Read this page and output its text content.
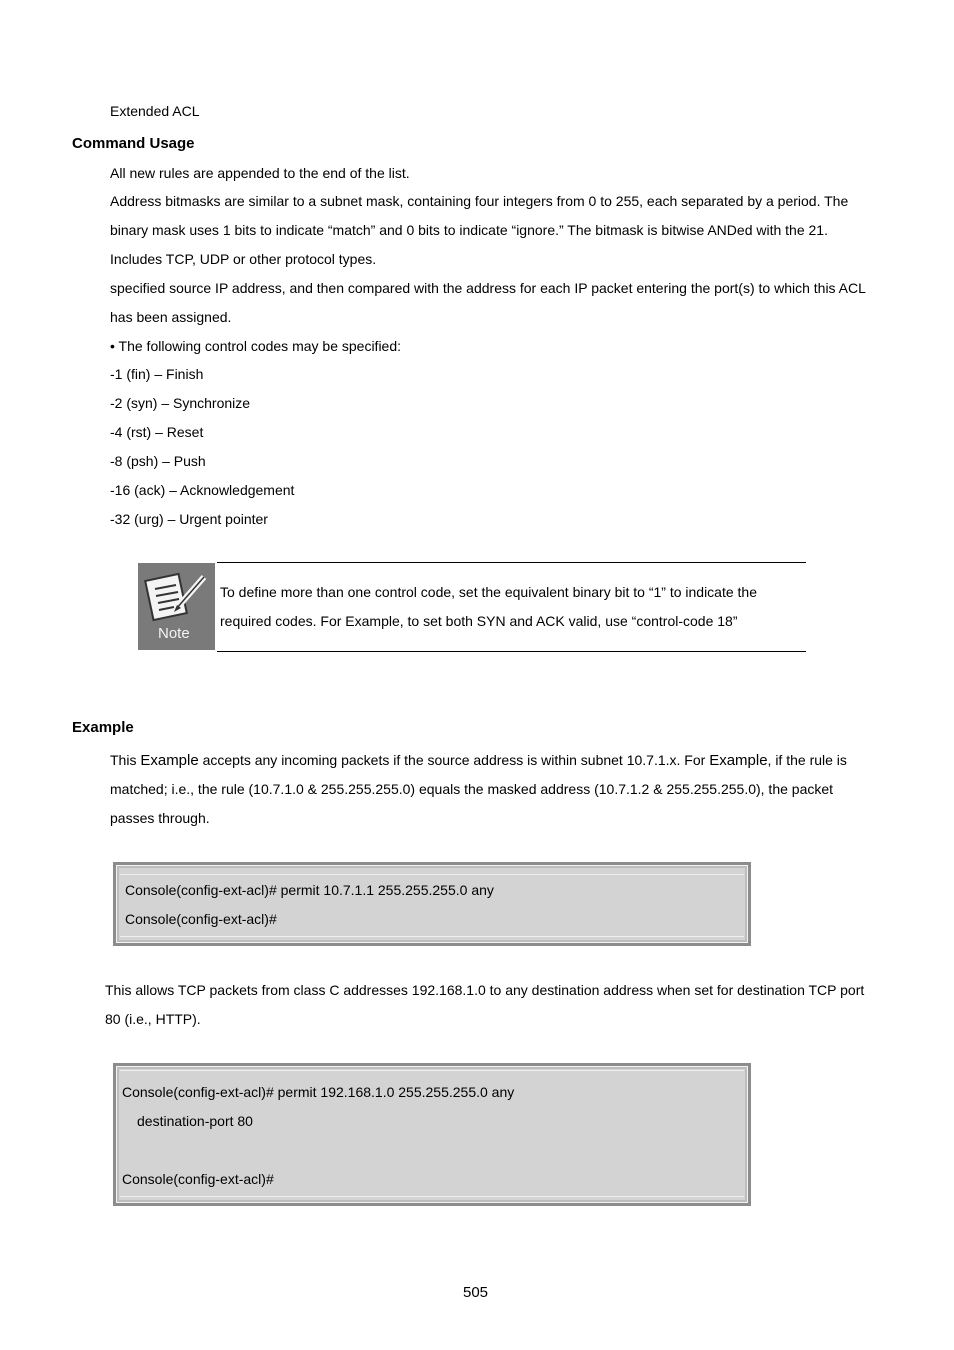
Extended ACL
Command Usage
All new rules are appended to the end of the list.
Address bitmasks are similar to a subnet mask, containing four integers from 0 to 255, each separated by a period. The
binary mask uses 1 bits to indicate “match” and 0 bits to indicate “ignore.” The bitmask is bitwise ANDed with the 21.
Includes TCP, UDP or other protocol types.
specified source IP address, and then compared with the address for each IP packet entering the port(s) to which this ACL
has been assigned.
• The following control codes may be specified:
-1 (fin) – Finish
-2 (syn) – Synchronize
-4 (rst) – Reset
-8 (psh) – Push
-16 (ack) – Acknowledgement
-32 (urg) – Urgent pointer
Note
To define more than one control code, set the equivalent binary bit to “1” to indicate the
required codes. For Example, to set both SYN and ACK valid, use “control-code 18”
Example
This Example accepts any incoming packets if the source address is within subnet 10.7.1.x. For Example, if the rule is
matched; i.e., the rule (10.7.1.0 & 255.255.255.0) equals the masked address (10.7.1.2 & 255.255.255.0), the packet
passes through.
Console(config-ext-acl)# permit 10.7.1.1 255.255.255.0 any
Console(config-ext-acl)#
This allows TCP packets from class C addresses 192.168.1.0 to any destination address when set for destination TCP port
80 (i.e., HTTP).
Console(config-ext-acl)# permit 192.168.1.0 255.255.255.0 any
destination-port 80
Console(config-ext-acl)#
505
